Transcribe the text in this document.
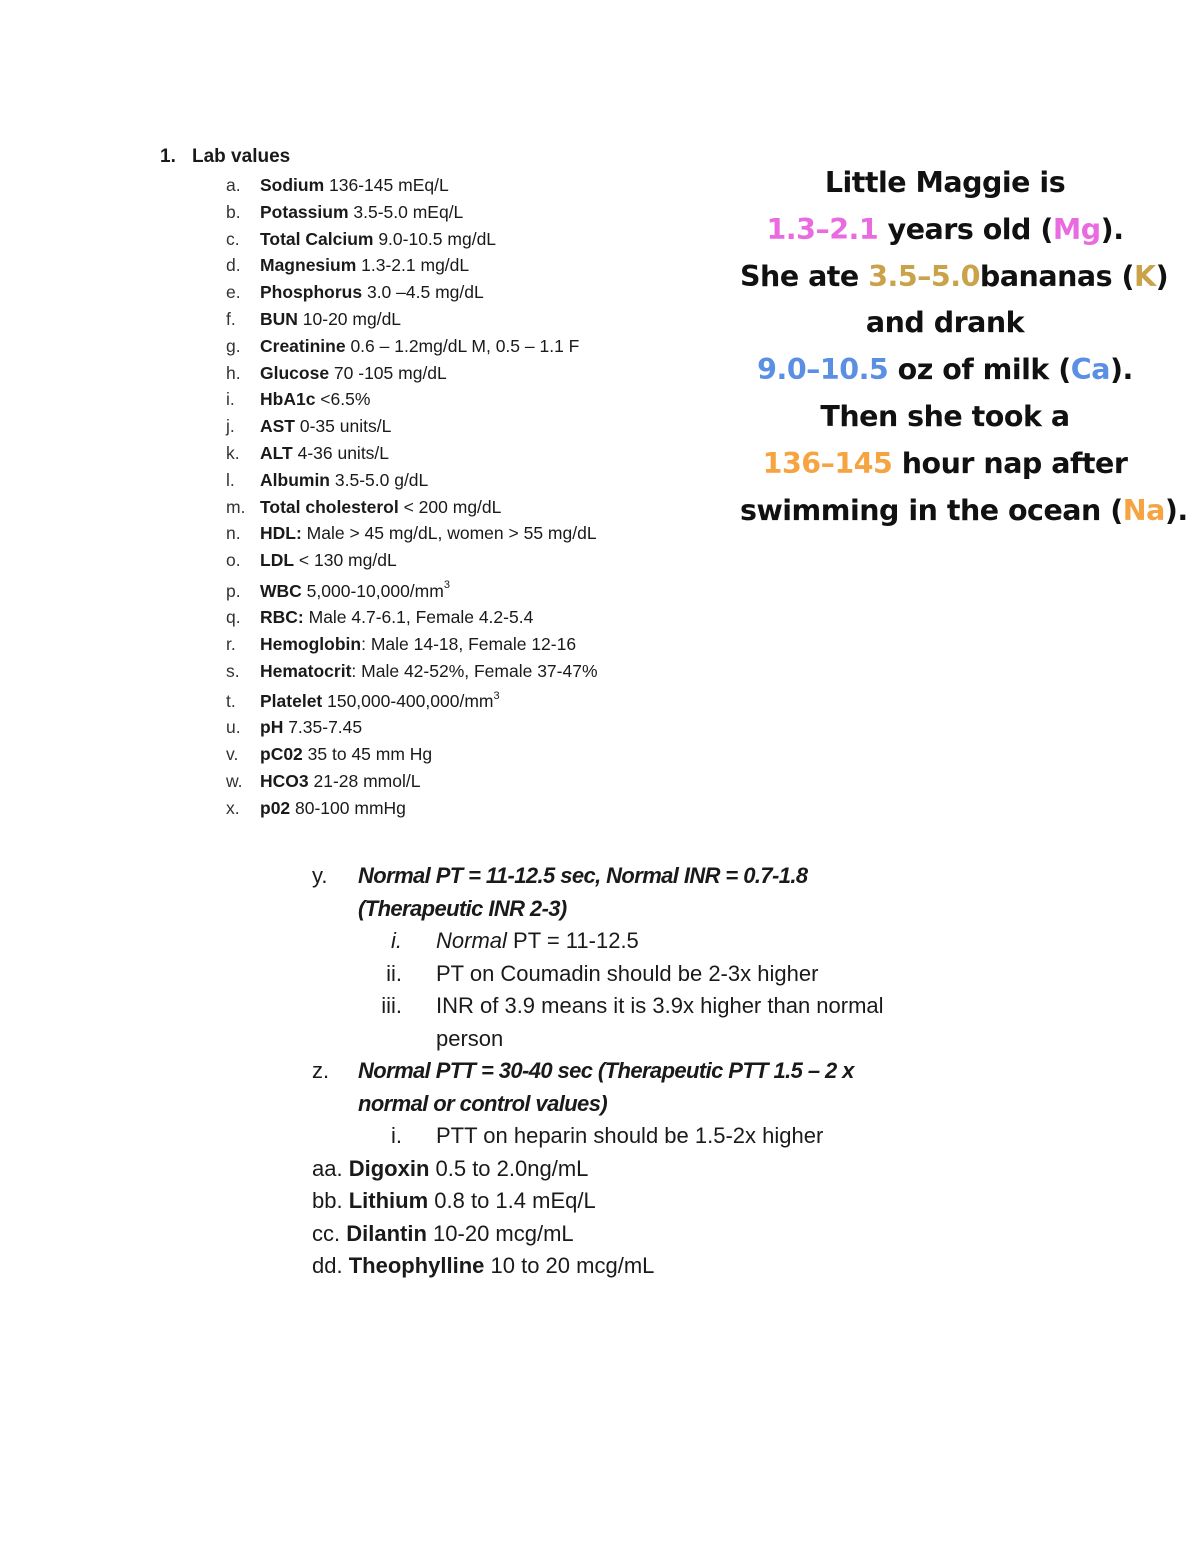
1. Lab values
a. Sodium 136-145 mEq/L
b. Potassium 3.5-5.0 mEq/L
c. Total Calcium 9.0-10.5 mg/dL
d. Magnesium 1.3-2.1 mg/dL
e. Phosphorus 3.0 –4.5 mg/dL
f. BUN 10-20 mg/dL
g. Creatinine 0.6 – 1.2mg/dL M, 0.5 – 1.1 F
h. Glucose 70 -105 mg/dL
i. HbA1c <6.5%
j. AST 0-35 units/L
k. ALT 4-36 units/L
l. Albumin 3.5-5.0 g/dL
m. Total cholesterol < 200 mg/dL
n. HDL: Male > 45 mg/dL, women > 55 mg/dL
o. LDL < 130 mg/dL
p. WBC $5,000-10,000/mm^3$
q. RBC: Male 4.7-6.1, Female 4.2-5.4
r. Hemoglobin: Male 14-18, Female 12-16
s. Hematocrit: Male 42-52%, Female 37-47%
t. Platelet $150,000-400,000/mm^3$
u. pH 7.35-7.45
v. pC02 35 to 45 mm Hg
w. HCO3 21-28 mmol/L
x. p02 80-100 mmHg
Little Maggie is
1.3–2.1 years old (Mg).
She ate 3.5–5.0bananas (K)
and drank
9.0–10.5 oz of milk (Ca).
Then she took a
136–145 hour nap after
swimming in the ocean (Na).
y. Normal PT = 11-12.5 sec, Normal INR = 0.7-1.8 (Therapeutic INR 2-3)
i. Normal PT = 11-12.5
ii. PT on Coumadin should be 2-3x higher
iii. INR of 3.9 means it is 3.9x higher than normal person
z. Normal PTT = 30-40 sec (Therapeutic PTT 1.5 – 2 x normal or control values)
i. PTT on heparin should be 1.5-2x higher
aa. Digoxin 0.5 to 2.0ng/mL
bb. Lithium 0.8 to 1.4 mEq/L
cc. Dilantin 10-20 mcg/mL
dd. Theophylline 10 to 20 mcg/mL
